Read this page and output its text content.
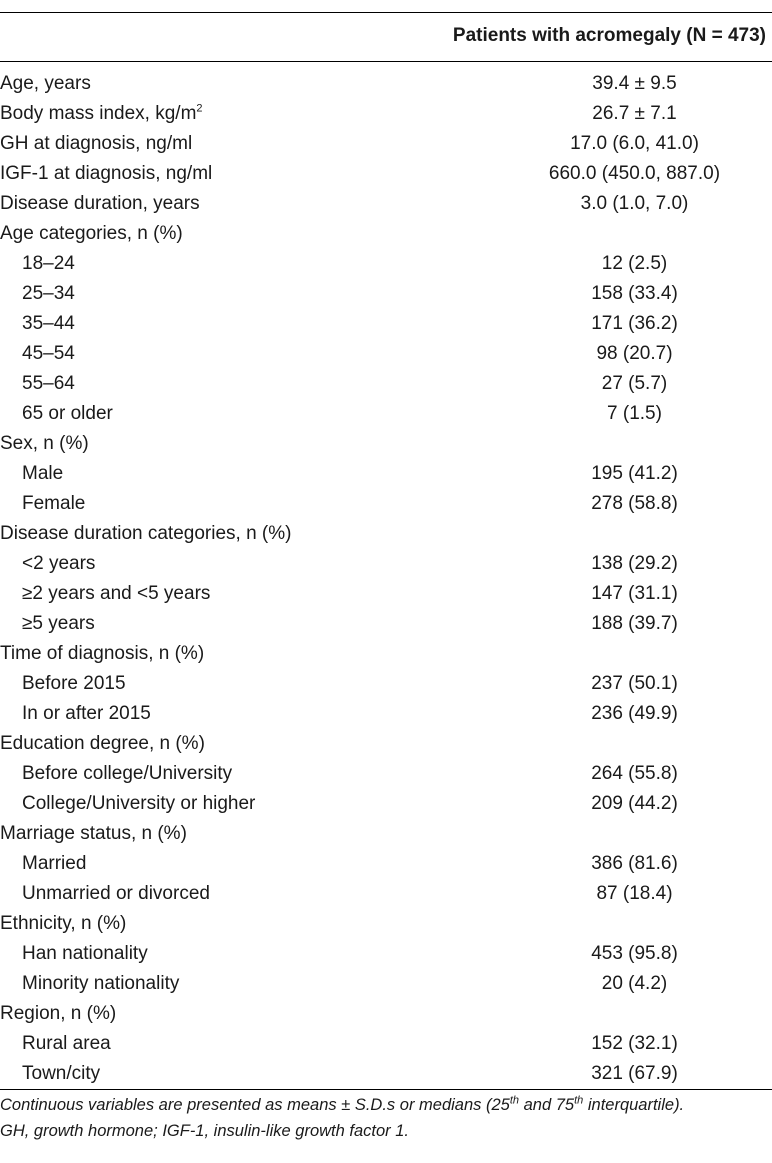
Patients with acromegaly (N = 473)
Age, years	39.4 ± 9.5
Body mass index, $kg/m^2$	26.7 ± 7.1
GH at diagnosis, ng/ml	17.0 (6.0, 41.0)
IGF-1 at diagnosis, ng/ml	660.0 (450.0, 887.0)
Disease duration, years	3.0 (1.0, 7.0)
Age categories, n (%)	
18–24	12 (2.5)
25–34	158 (33.4)
35–44	171 (36.2)
45–54	98 (20.7)
55–64	27 (5.7)
65 or older	7 (1.5)
Sex, n (%)	
Male	195 (41.2)
Female	278 (58.8)
Disease duration categories, n (%)	
<2 years	138 (29.2)
≥2 years and <5 years	147 (31.1)
≥5 years	188 (39.7)
Time of diagnosis, n (%)	
Before 2015	237 (50.1)
In or after 2015	236 (49.9)
Education degree, n (%)	
Before college/University	264 (55.8)
College/University or higher	209 (44.2)
Marriage status, n (%)	
Married	386 (81.6)
Unmarried or divorced	87 (18.4)
Ethnicity, n (%)	
Han nationality	453 (95.8)
Minority nationality	20 (4.2)
Region, n (%)	
Rural area	152 (32.1)
Town/city	321 (67.9)
Continuous variables are presented as means ± S.D.s or medians (25th and 75th interquartile).
GH, growth hormone; IGF-1, insulin-like growth factor 1.
